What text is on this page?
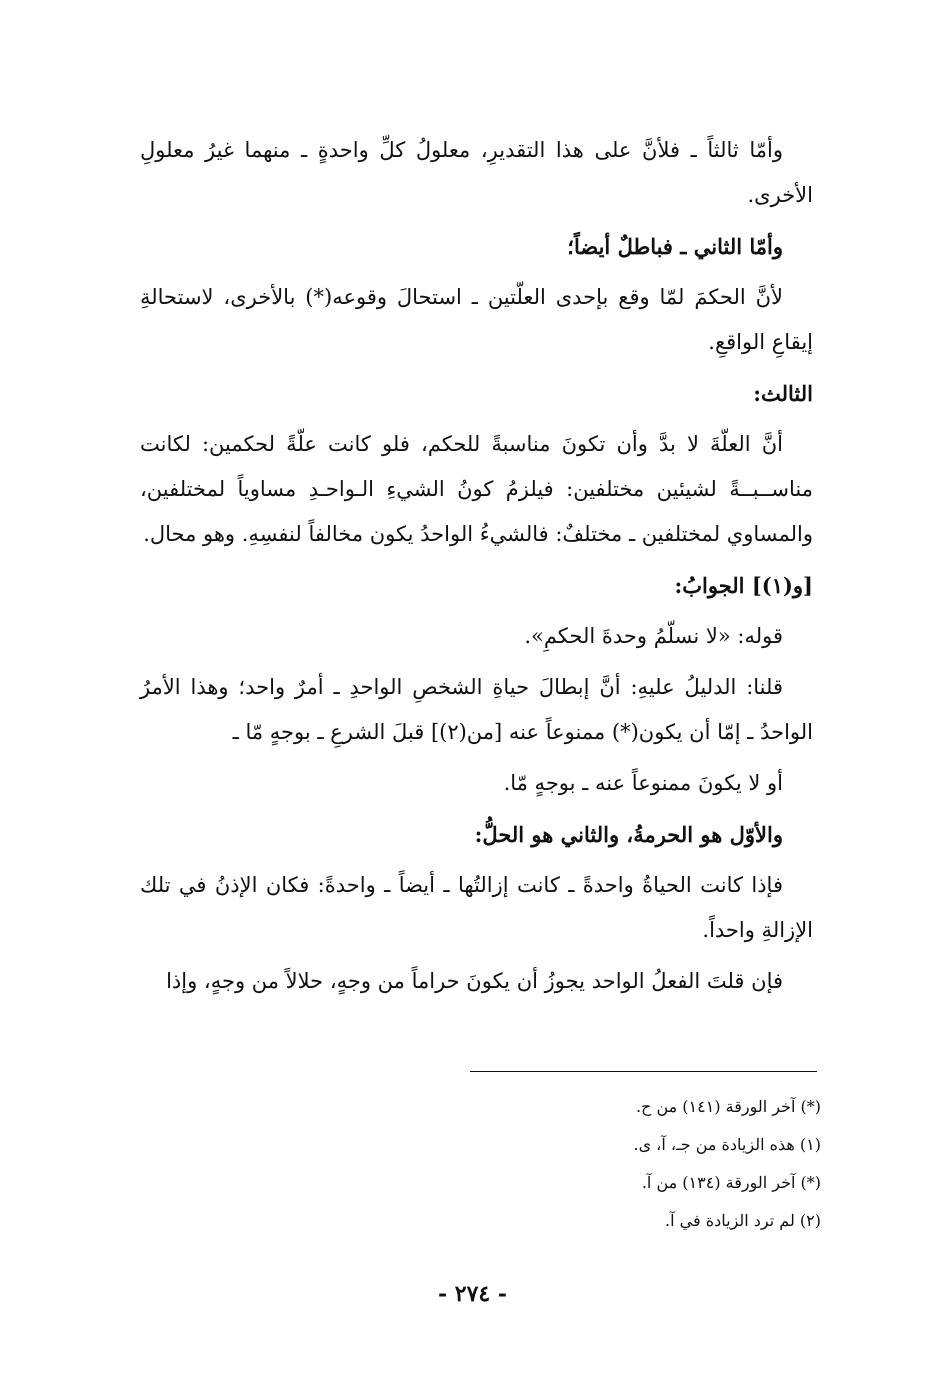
وأمّا ثالثاً ـ فلأنَّ على هذا التقديرِ، معلولُ كلِّ واحدةٍ ـ منهما غيرُ معلولِ الأخرى.

وأمّا الثاني ـ فباطلٌ أيضاً؛

لأنَّ الحكمَ لمّا وقع بإحدى العلّتين ـ استحالَ وقوعه(*) بالأخرى، لاستحالةِ إيقاعِ الواقعِ.

الثالث:

أنَّ العلّةَ لا بدَّ وأن تكونَ مناسبةً للحكم، فلو كانت علّةً لحكمين: لكانت مناســبــةً لشيئين مختلفين: فيلزمُ كونُ الشيءِ الـواحـدِ مساوياً لمختلفين، والمساوي لمختلفين ـ مختلفٌ: فالشيءُ الواحدُ يكون مخالفاً لنفسِهِ. وهو محال.

[و(١)] الجوابُ:

قوله: «لا نسلّمُ وحدةَ الحكمِ».

قلنا: الدليلُ عليهِ: أنَّ إبطالَ حياةِ الشخصِ الواحدِ ـ أمرٌ واحد؛ وهذا الأمرُ الواحدُ ـ إمّا أن يكون(*) ممنوعاً عنه [من(٢)] قبلَ الشرعِ ـ بوجهٍ مّا ـ

أو لا يكونَ ممنوعاً عنه ـ بوجهٍ مّا.

والأوّل هو الحرمةُ، والثاني هو الحلُّ:

فإذا كانت الحياةُ واحدةً ـ كانت إزالتُها ـ أيضاً ـ واحدةً: فكان الإذنُ في تلك الإزالةِ واحداً.

فإن قلتَ الفعلُ الواحد يجوزُ أن يكونَ حراماً من وجهٍ، حلالاً من وجهٍ، وإذا

(*) آخر الورقة (١٤١) من ح.

(١) هذه الزيادة من جـ، آ، ى.

(*) آخر الورقة (١٣٤) من آ.

(٢) لم ترد الزيادة في آ.

- ٢٧٤ -
